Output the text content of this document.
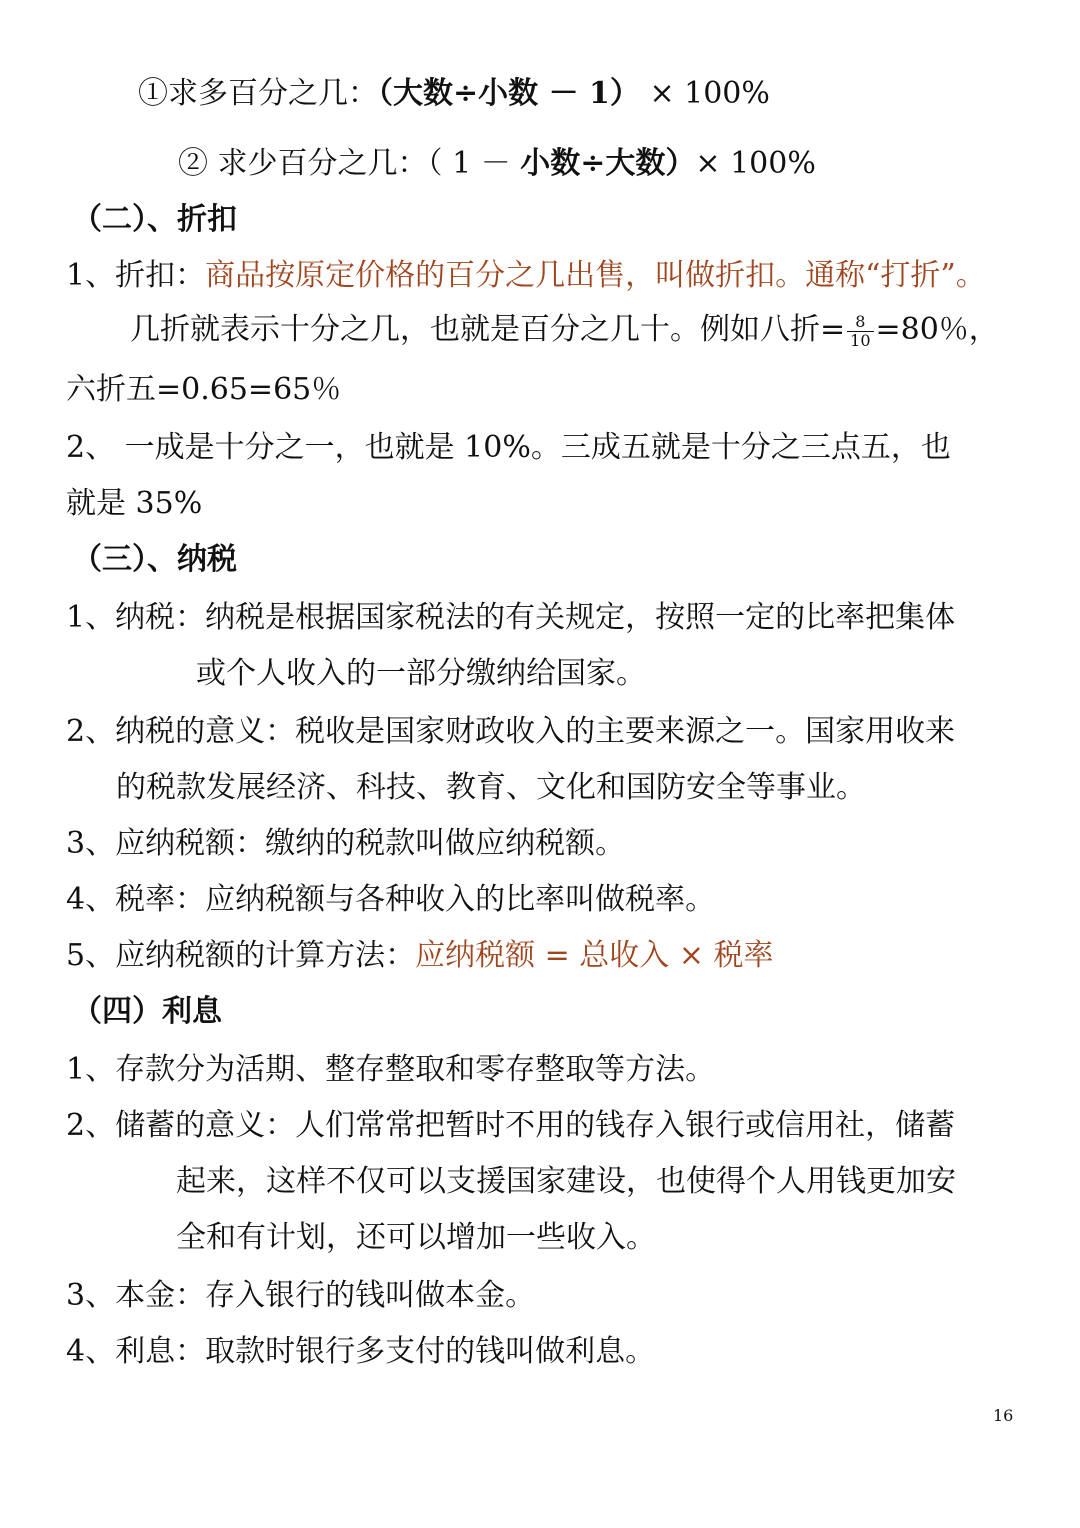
①求多百分之几：（大数÷小数 － 1） × 100%
② 求少百分之几：（ 1 － 小数÷大数）× 100%
（二）、折扣
1、折扣：商品按原定价格的百分之几出售，叫做折扣。通称“打折”。
几折就表示十分之几，也就是百分之几十。例如八折= $\frac{8}{10} =80$％，
六折五=0.65=65％
2、 一成是十分之一，也就是 10%。三成五就是十分之三点五，也
就是 35%
（三）、纳税
1、纳税：纳税是根据国家税法的有关规定，按照一定的比率把集体
或个人收入的一部分缴纳给国家。
2、纳税的意义：税收是国家财政收入的主要来源之一。国家用收来
的税款发展经济、科技、教育、文化和国防安全等事业。
3、应纳税额：缴纳的税款叫做应纳税额。
4、税率：应纳税额与各种收入的比率叫做税率。
5、应纳税额的计算方法：应纳税额 = 总收入 × 税率
（四）利息
1、存款分为活期、整存整取和零存整取等方法。
2、储蓄的意义：人们常常把暂时不用的钱存入银行或信用社，储蓄
起来，这样不仅可以支援国家建设，也使得个人用钱更加安
全和有计划，还可以增加一些收入。
3、本金：存入银行的钱叫做本金。
4、利息：取款时银行多支付的钱叫做利息。
16
